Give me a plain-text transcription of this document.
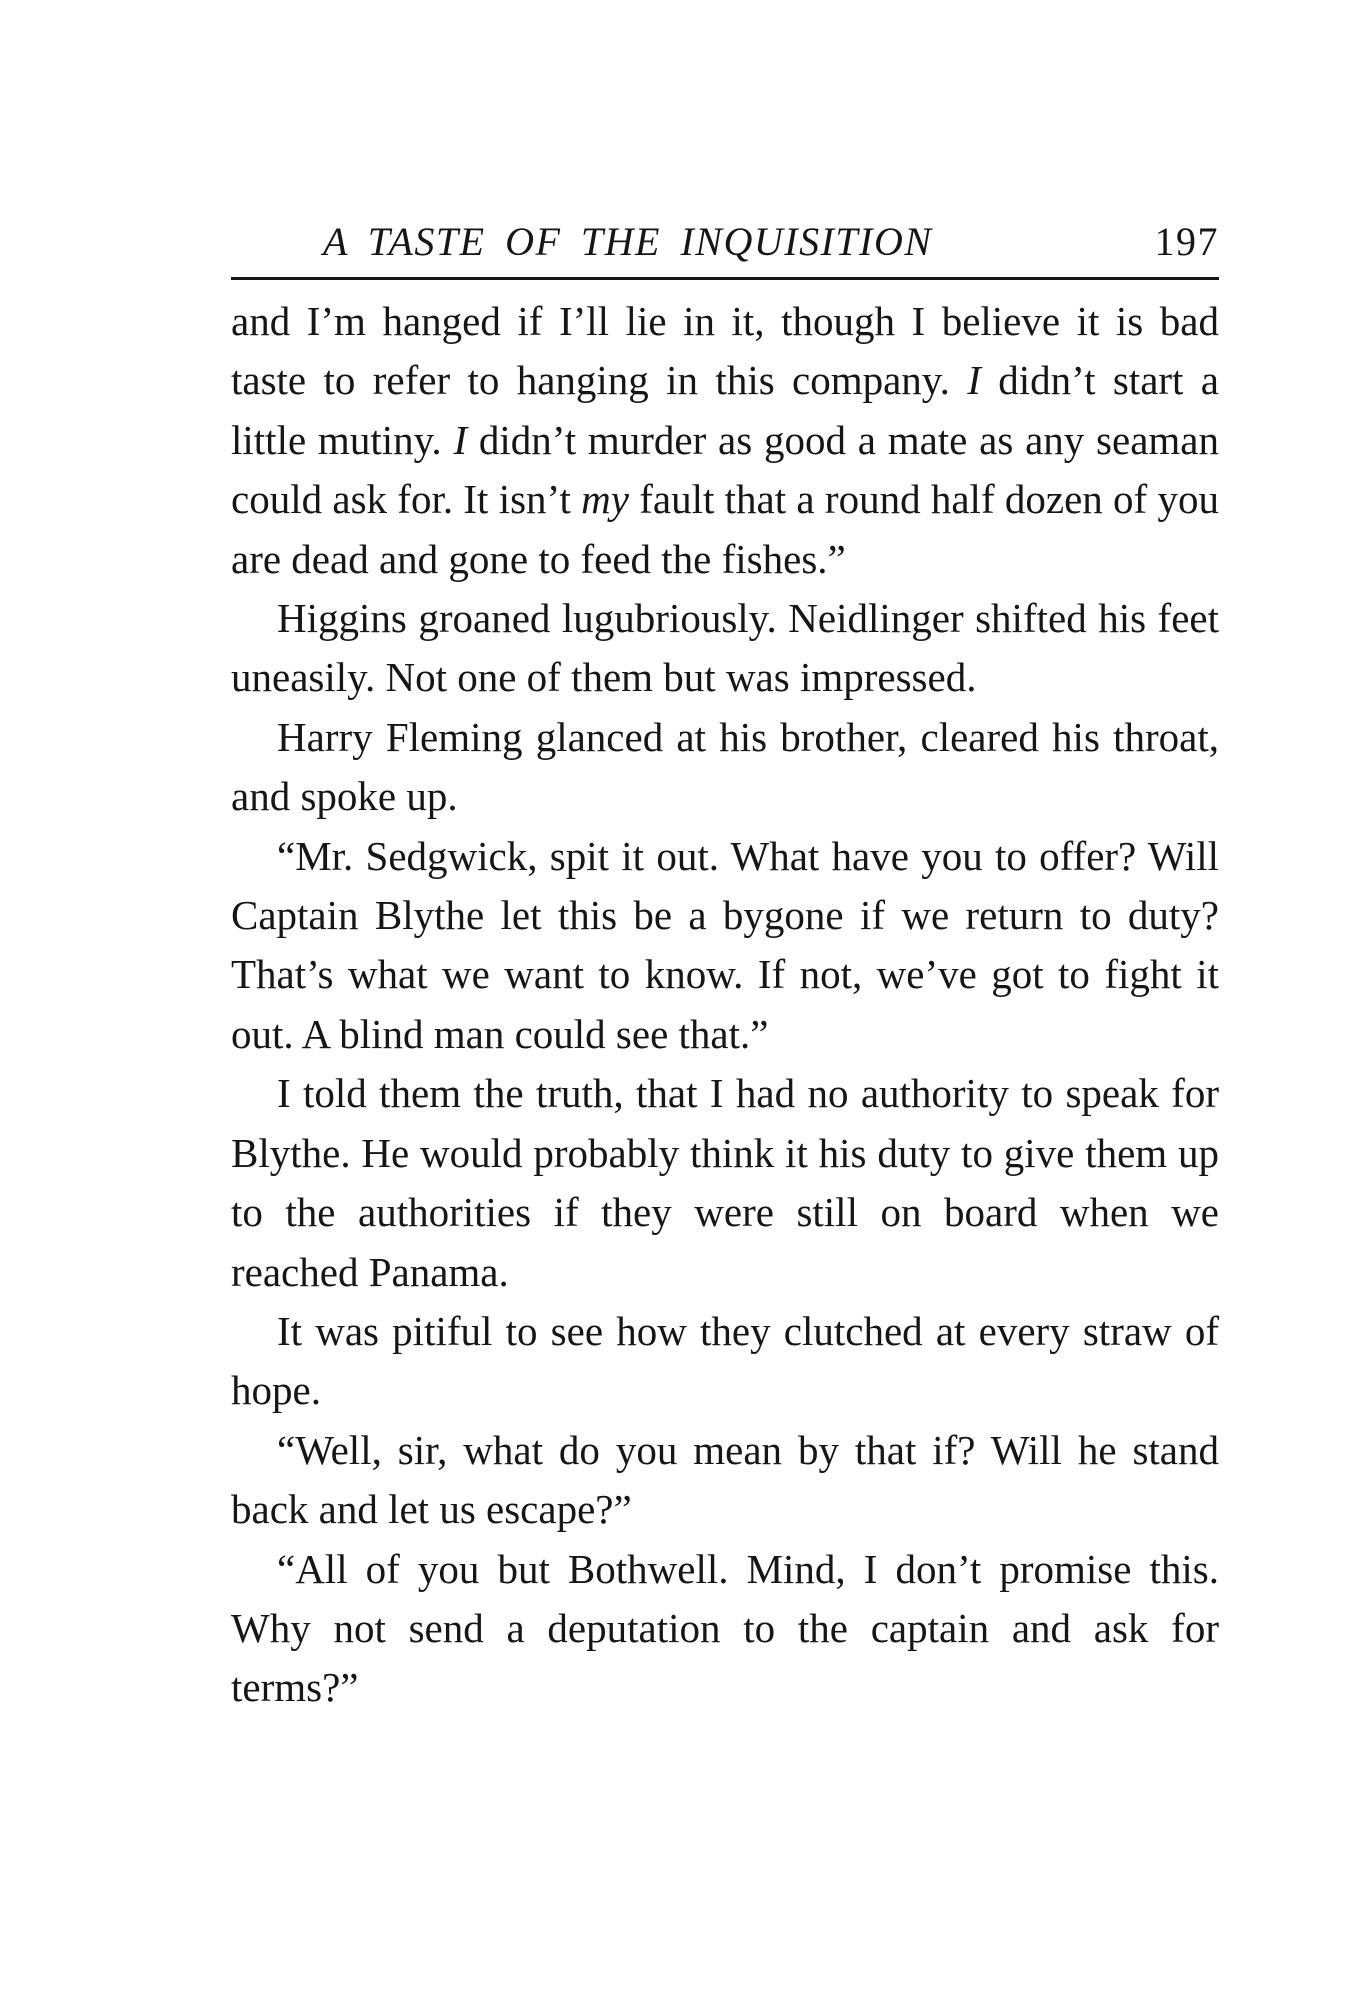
A TASTE OF THE INQUISITION	197

and I’m hanged if I’ll lie in it, though I believe it is bad taste to refer to hanging in this company. I didn’t start a little mutiny. I didn’t murder as good a mate as any seaman could ask for. It isn’t my fault that a round half dozen of you are dead and gone to feed the fishes.”

Higgins groaned lugubriously. Neidlinger shifted his feet uneasily. Not one of them but was impressed.

Harry Fleming glanced at his brother, cleared his throat, and spoke up.

“Mr. Sedgwick, spit it out. What have you to offer? Will Captain Blythe let this be a bygone if we return to duty? That’s what we want to know. If not, we’ve got to fight it out. A blind man could see that.”

I told them the truth, that I had no authority to speak for Blythe. He would probably think it his duty to give them up to the authorities if they were still on board when we reached Panama.

It was pitiful to see how they clutched at every straw of hope.

“Well, sir, what do you mean by that if? Will he stand back and let us escape?”

“All of you but Bothwell. Mind, I don’t promise this. Why not send a deputation to the captain and ask for terms?”
